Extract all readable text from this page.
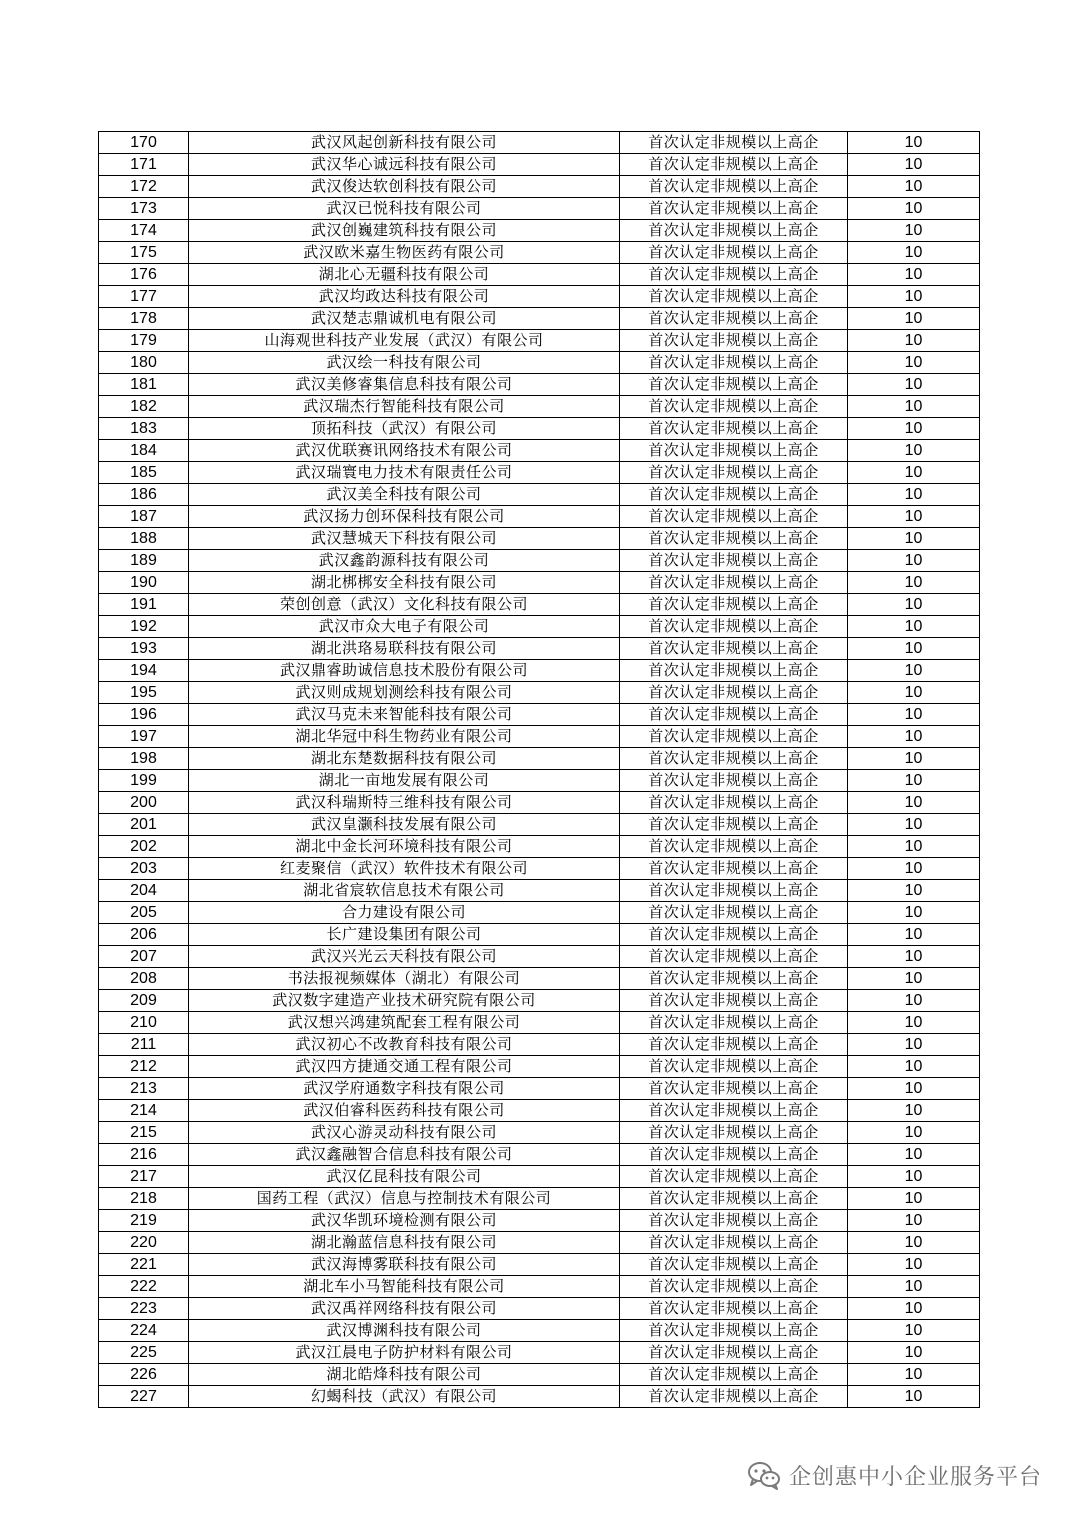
170	武汉风起创新科技有限公司	首次认定非规模以上高企	10
171	武汉华心诚远科技有限公司	首次认定非规模以上高企	10
172	武汉俊达软创科技有限公司	首次认定非规模以上高企	10
173	武汉已悦科技有限公司	首次认定非规模以上高企	10
174	武汉创巍建筑科技有限公司	首次认定非规模以上高企	10
175	武汉欧米嘉生物医药有限公司	首次认定非规模以上高企	10
176	湖北心无疆科技有限公司	首次认定非规模以上高企	10
177	武汉均政达科技有限公司	首次认定非规模以上高企	10
178	武汉楚志鼎诚机电有限公司	首次认定非规模以上高企	10
179	山海观世科技产业发展（武汉）有限公司	首次认定非规模以上高企	10
180	武汉绘一科技有限公司	首次认定非规模以上高企	10
181	武汉美修睿集信息科技有限公司	首次认定非规模以上高企	10
182	武汉瑞杰行智能科技有限公司	首次认定非规模以上高企	10
183	顶拓科技（武汉）有限公司	首次认定非规模以上高企	10
184	武汉优联赛讯网络技术有限公司	首次认定非规模以上高企	10
185	武汉瑞寰电力技术有限责任公司	首次认定非规模以上高企	10
186	武汉美全科技有限公司	首次认定非规模以上高企	10
187	武汉扬力创环保科技有限公司	首次认定非规模以上高企	10
188	武汉慧城天下科技有限公司	首次认定非规模以上高企	10
189	武汉鑫韵源科技有限公司	首次认定非规模以上高企	10
190	湖北梆梆安全科技有限公司	首次认定非规模以上高企	10
191	荣创创意（武汉）文化科技有限公司	首次认定非规模以上高企	10
192	武汉市众大电子有限公司	首次认定非规模以上高企	10
193	湖北洪珞易联科技有限公司	首次认定非规模以上高企	10
194	武汉鼎睿助诚信息技术股份有限公司	首次认定非规模以上高企	10
195	武汉则成规划测绘科技有限公司	首次认定非规模以上高企	10
196	武汉马克未来智能科技有限公司	首次认定非规模以上高企	10
197	湖北华冠中科生物药业有限公司	首次认定非规模以上高企	10
198	湖北东楚数据科技有限公司	首次认定非规模以上高企	10
199	湖北一亩地发展有限公司	首次认定非规模以上高企	10
200	武汉科瑞斯特三维科技有限公司	首次认定非规模以上高企	10
201	武汉皇灏科技发展有限公司	首次认定非规模以上高企	10
202	湖北中金长河环境科技有限公司	首次认定非规模以上高企	10
203	红麦聚信（武汉）软件技术有限公司	首次认定非规模以上高企	10
204	湖北省宸软信息技术有限公司	首次认定非规模以上高企	10
205	合力建设有限公司	首次认定非规模以上高企	10
206	长广建设集团有限公司	首次认定非规模以上高企	10
207	武汉兴光云天科技有限公司	首次认定非规模以上高企	10
208	书法报视频媒体（湖北）有限公司	首次认定非规模以上高企	10
209	武汉数字建造产业技术研究院有限公司	首次认定非规模以上高企	10
210	武汉想兴鸿建筑配套工程有限公司	首次认定非规模以上高企	10
211	武汉初心不改教育科技有限公司	首次认定非规模以上高企	10
212	武汉四方捷通交通工程有限公司	首次认定非规模以上高企	10
213	武汉学府通数字科技有限公司	首次认定非规模以上高企	10
214	武汉伯睿科医药科技有限公司	首次认定非规模以上高企	10
215	武汉心游灵动科技有限公司	首次认定非规模以上高企	10
216	武汉鑫融智合信息科技有限公司	首次认定非规模以上高企	10
217	武汉亿昆科技有限公司	首次认定非规模以上高企	10
218	国药工程（武汉）信息与控制技术有限公司	首次认定非规模以上高企	10
219	武汉华凯环境检测有限公司	首次认定非规模以上高企	10
220	湖北瀚蓝信息科技有限公司	首次认定非规模以上高企	10
221	武汉海博雾联科技有限公司	首次认定非规模以上高企	10
222	湖北车小马智能科技有限公司	首次认定非规模以上高企	10
223	武汉禹祥网络科技有限公司	首次认定非规模以上高企	10
224	武汉博渊科技有限公司	首次认定非规模以上高企	10
225	武汉江晨电子防护材料有限公司	首次认定非规模以上高企	10
226	湖北皓烽科技有限公司	首次认定非规模以上高企	10
227	幻蝎科技（武汉）有限公司	首次认定非规模以上高企	10
企创惠中小企业服务平台
